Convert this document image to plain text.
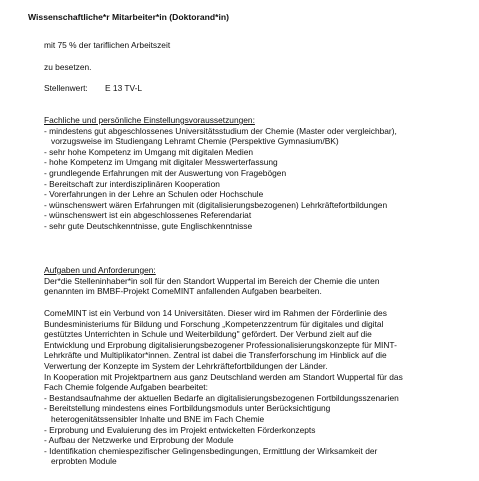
Wissenschaftliche*r Mitarbeiter*in (Doktorand*in)
mit 75 % der tariflichen Arbeitszeit
zu besetzen.
Stellenwert: E 13 TV-L
Fachliche und persönliche Einstellungsvoraussetzungen:
- mindestens gut abgeschlossenes Universitätsstudium der Chemie (Master oder vergleichbar),
vorzugsweise im Studiengang Lehramt Chemie (Perspektive Gymnasium/BK)
- sehr hohe Kompetenz im Umgang mit digitalen Medien
- hohe Kompetenz im Umgang mit digitaler Messwerterfassung
- grundlegende Erfahrungen mit der Auswertung von Fragebögen
- Bereitschaft zur interdisziplinären Kooperation
- Vorerfahrungen in der Lehre an Schulen oder Hochschule
- wünschenswert wären Erfahrungen mit (digitalisierungsbezogenen) Lehrkräftefortbildungen
- wünschenswert ist ein abgeschlossenes Referendariat
- sehr gute Deutschkenntnisse, gute Englischkenntnisse
Aufgaben und Anforderungen:
Der*die Stelleninhaber*in soll für den Standort Wuppertal im Bereich der Chemie die unten
genannten im BMBF-Projekt ComeMINT anfallenden Aufgaben bearbeiten.
ComeMINT ist ein Verbund von 14 Universitäten. Dieser wird im Rahmen der Förderlinie des
Bundesministeriums für Bildung und Forschung „Kompetenzzentrum für digitales und digital
gestütztes Unterrichten in Schule und Weiterbildung" gefördert. Der Verbund zielt auf die
Entwicklung und Erprobung digitalisierungsbezogener Professionalisierungskonzepte für MINT-
Lehrkräfte und Multiplikator*innen. Zentral ist dabei die Transferforschung im Hinblick auf die
Verwertung der Konzepte im System der Lehrkräftefortbildungen der Länder.
In Kooperation mit Projektpartnern aus ganz Deutschland werden am Standort Wuppertal für das
Fach Chemie folgende Aufgaben bearbeitet:
- Bestandsaufnahme der aktuellen Bedarfe an digitalisierungsbezogenen Fortbildungsszenarien
- Bereitstellung mindestens eines Fortbildungsmoduls unter Berücksichtigung
heterogenitätssensibler Inhalte und BNE im Fach Chemie
- Erprobung und Evaluierung des im Projekt entwickelten Förderkonzepts
- Aufbau der Netzwerke und Erprobung der Module
- Identifikation chemiespezifischer Gelingensbedingungen, Ermittlung der Wirksamkeit der
erprobten Module
